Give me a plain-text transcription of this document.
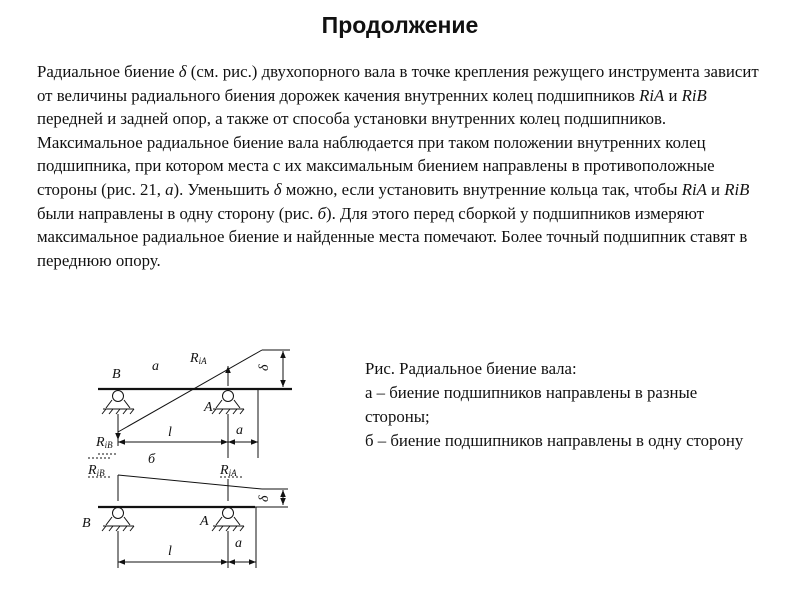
Продолжение

Радиальное биение δ (см. рис.) двухопорного вала в точке крепления режущего инструмента зависит от величины радиального биения дорожек качения внутренних колец подшипников RiA и RiB передней и задней опор, а также от способа установки внутренних колец подшипников.

Максимальное радиальное биение вала наблюдается при таком положении внутренних колец подшипника, при котором места с их максимальным биением направлены в противоположные стороны (рис. 21, а). Уменьшить δ можно, если установить внутренние кольца так, чтобы RiA и RiB были направлены в одну сторону (рис. б). Для этого перед сборкой у подшипников измеряют максимальное радиальное биение и найденные места помечают. Более точный подшипник ставят в переднюю опору.

Рис. Радиальное биение вала:

а – биение подшипников направлены в разные стороны;

б – биение подшипников направлены в одну сторону

B
а
RiA
δ
A
RiB
l	а
б
RiB	RiA
δ
B	A
l
а
